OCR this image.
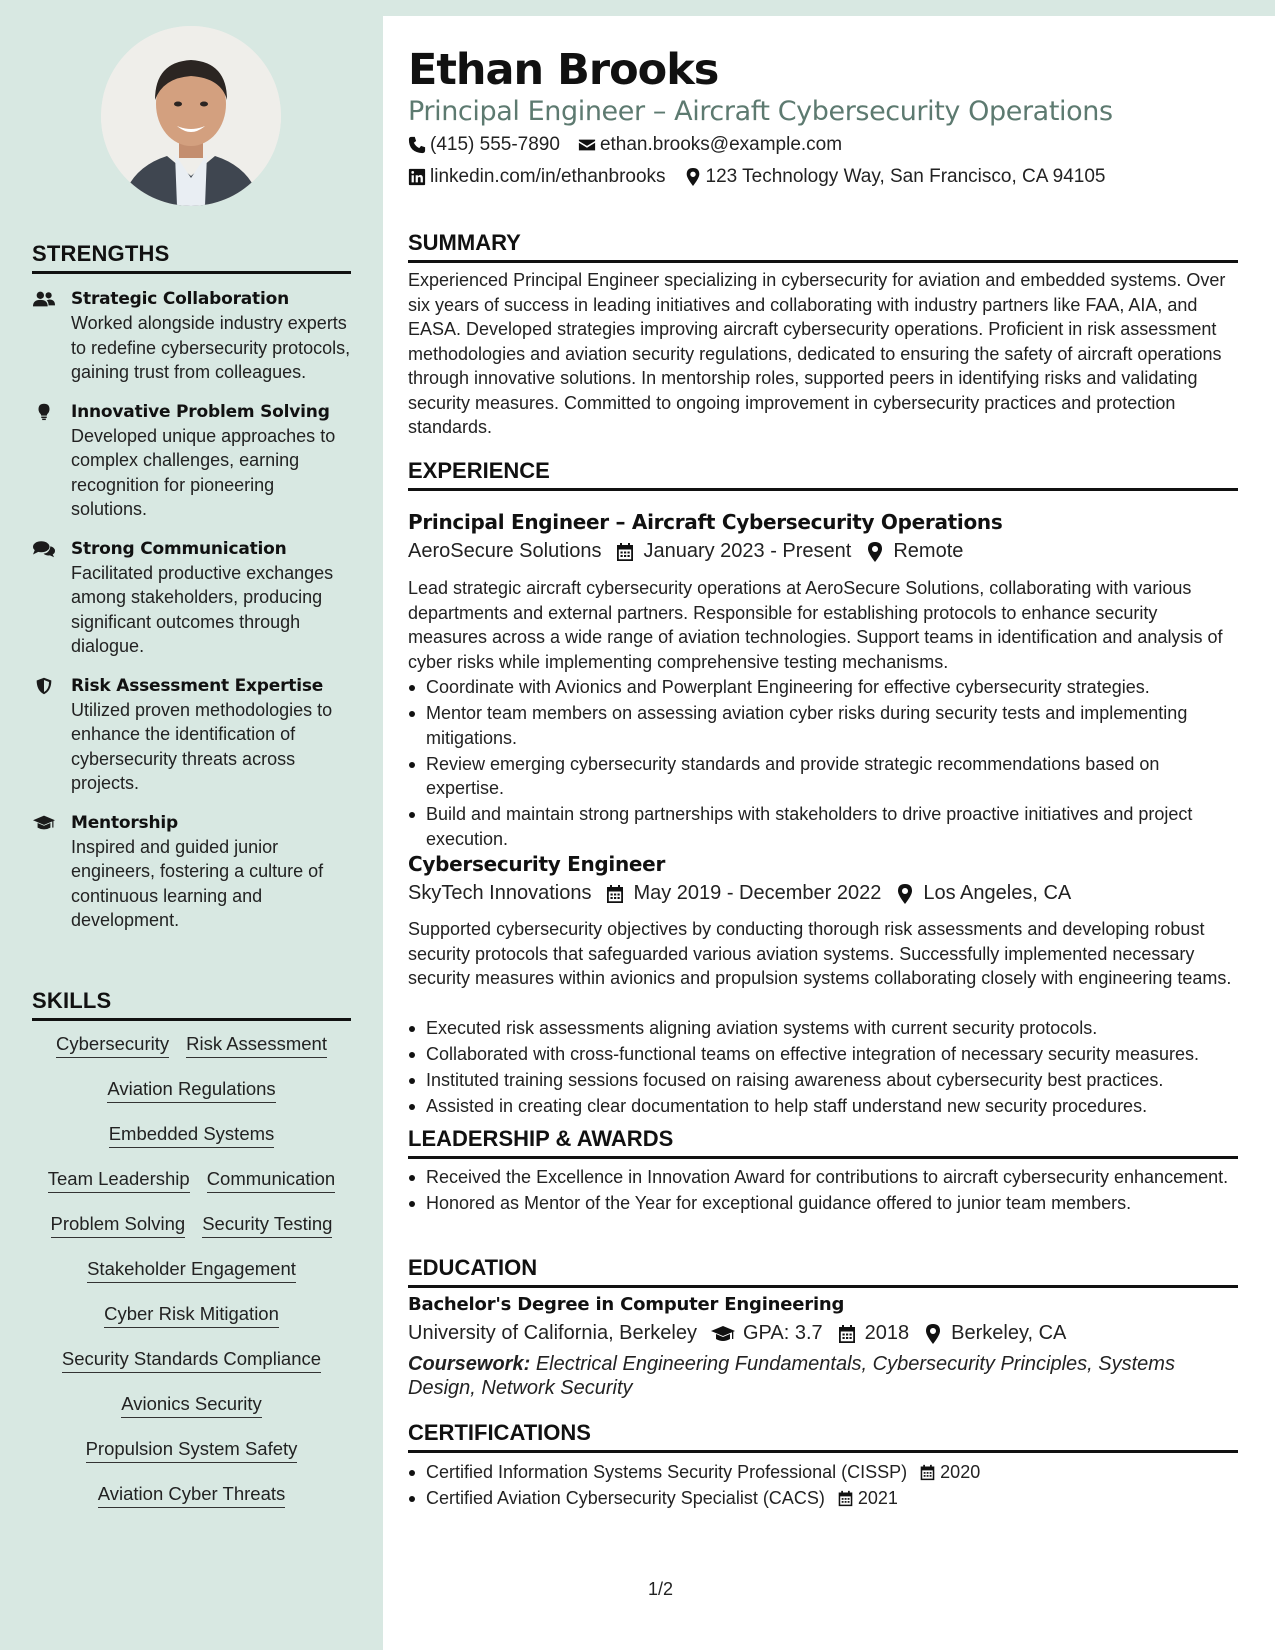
STRENGTHS
Strategic Collaboration
Worked alongside industry experts to redefine cybersecurity protocols, gaining trust from colleagues.
Innovative Problem Solving
Developed unique approaches to complex challenges, earning recognition for pioneering solutions.
Strong Communication
Facilitated productive exchanges among stakeholders, producing significant outcomes through dialogue.
Risk Assessment Expertise
Utilized proven methodologies to enhance the identification of cybersecurity threats across projects.
Mentorship
Inspired and guided junior engineers, fostering a culture of continuous learning and development.
SKILLS
Cybersecurity Risk Assessment
Aviation Regulations
Embedded Systems
Team Leadership Communication
Problem Solving Security Testing
Stakeholder Engagement
Cyber Risk Mitigation
Security Standards Compliance
Avionics Security
Propulsion System Safety
Aviation Cyber Threats
Ethan Brooks
Principal Engineer – Aircraft Cybersecurity Operations
(415) 555-7890 ethan.brooks@example.com
linkedin.com/in/ethanbrooks 123 Technology Way, San Francisco, CA 94105
SUMMARY
Experienced Principal Engineer specializing in cybersecurity for aviation and embedded systems. Over six years of success in leading initiatives and collaborating with industry partners like FAA, AIA, and EASA. Developed strategies improving aircraft cybersecurity operations. Proficient in risk assessment methodologies and aviation security regulations, dedicated to ensuring the safety of aircraft operations through innovative solutions. In mentorship roles, supported peers in identifying risks and validating security measures. Committed to ongoing improvement in cybersecurity practices and protection standards.
EXPERIENCE
Principal Engineer – Aircraft Cybersecurity Operations
AeroSecure Solutions January 2023 - Present Remote
Lead strategic aircraft cybersecurity operations at AeroSecure Solutions, collaborating with various departments and external partners. Responsible for establishing protocols to enhance security measures across a wide range of aviation technologies. Support teams in identification and analysis of cyber risks while implementing comprehensive testing mechanisms.
Coordinate with Avionics and Powerplant Engineering for effective cybersecurity strategies.
Mentor team members on assessing aviation cyber risks during security tests and implementing mitigations.
Review emerging cybersecurity standards and provide strategic recommendations based on expertise.
Build and maintain strong partnerships with stakeholders to drive proactive initiatives and project execution.
Cybersecurity Engineer
SkyTech Innovations May 2019 - December 2022 Los Angeles, CA
Supported cybersecurity objectives by conducting thorough risk assessments and developing robust security protocols that safeguarded various aviation systems. Successfully implemented necessary security measures within avionics and propulsion systems collaborating closely with engineering teams.
Executed risk assessments aligning aviation systems with current security protocols.
Collaborated with cross-functional teams on effective integration of necessary security measures.
Instituted training sessions focused on raising awareness about cybersecurity best practices.
Assisted in creating clear documentation to help staff understand new security procedures.
LEADERSHIP & AWARDS
Received the Excellence in Innovation Award for contributions to aircraft cybersecurity enhancement.
Honored as Mentor of the Year for exceptional guidance offered to junior team members.
EDUCATION
Bachelor's Degree in Computer Engineering
University of California, Berkeley GPA: 3.7 2018 Berkeley, CA
Coursework: Electrical Engineering Fundamentals, Cybersecurity Principles, Systems Design, Network Security
CERTIFICATIONS
Certified Information Systems Security Professional (CISSP) 2020
Certified Aviation Cybersecurity Specialist (CACS) 2021
1/2
